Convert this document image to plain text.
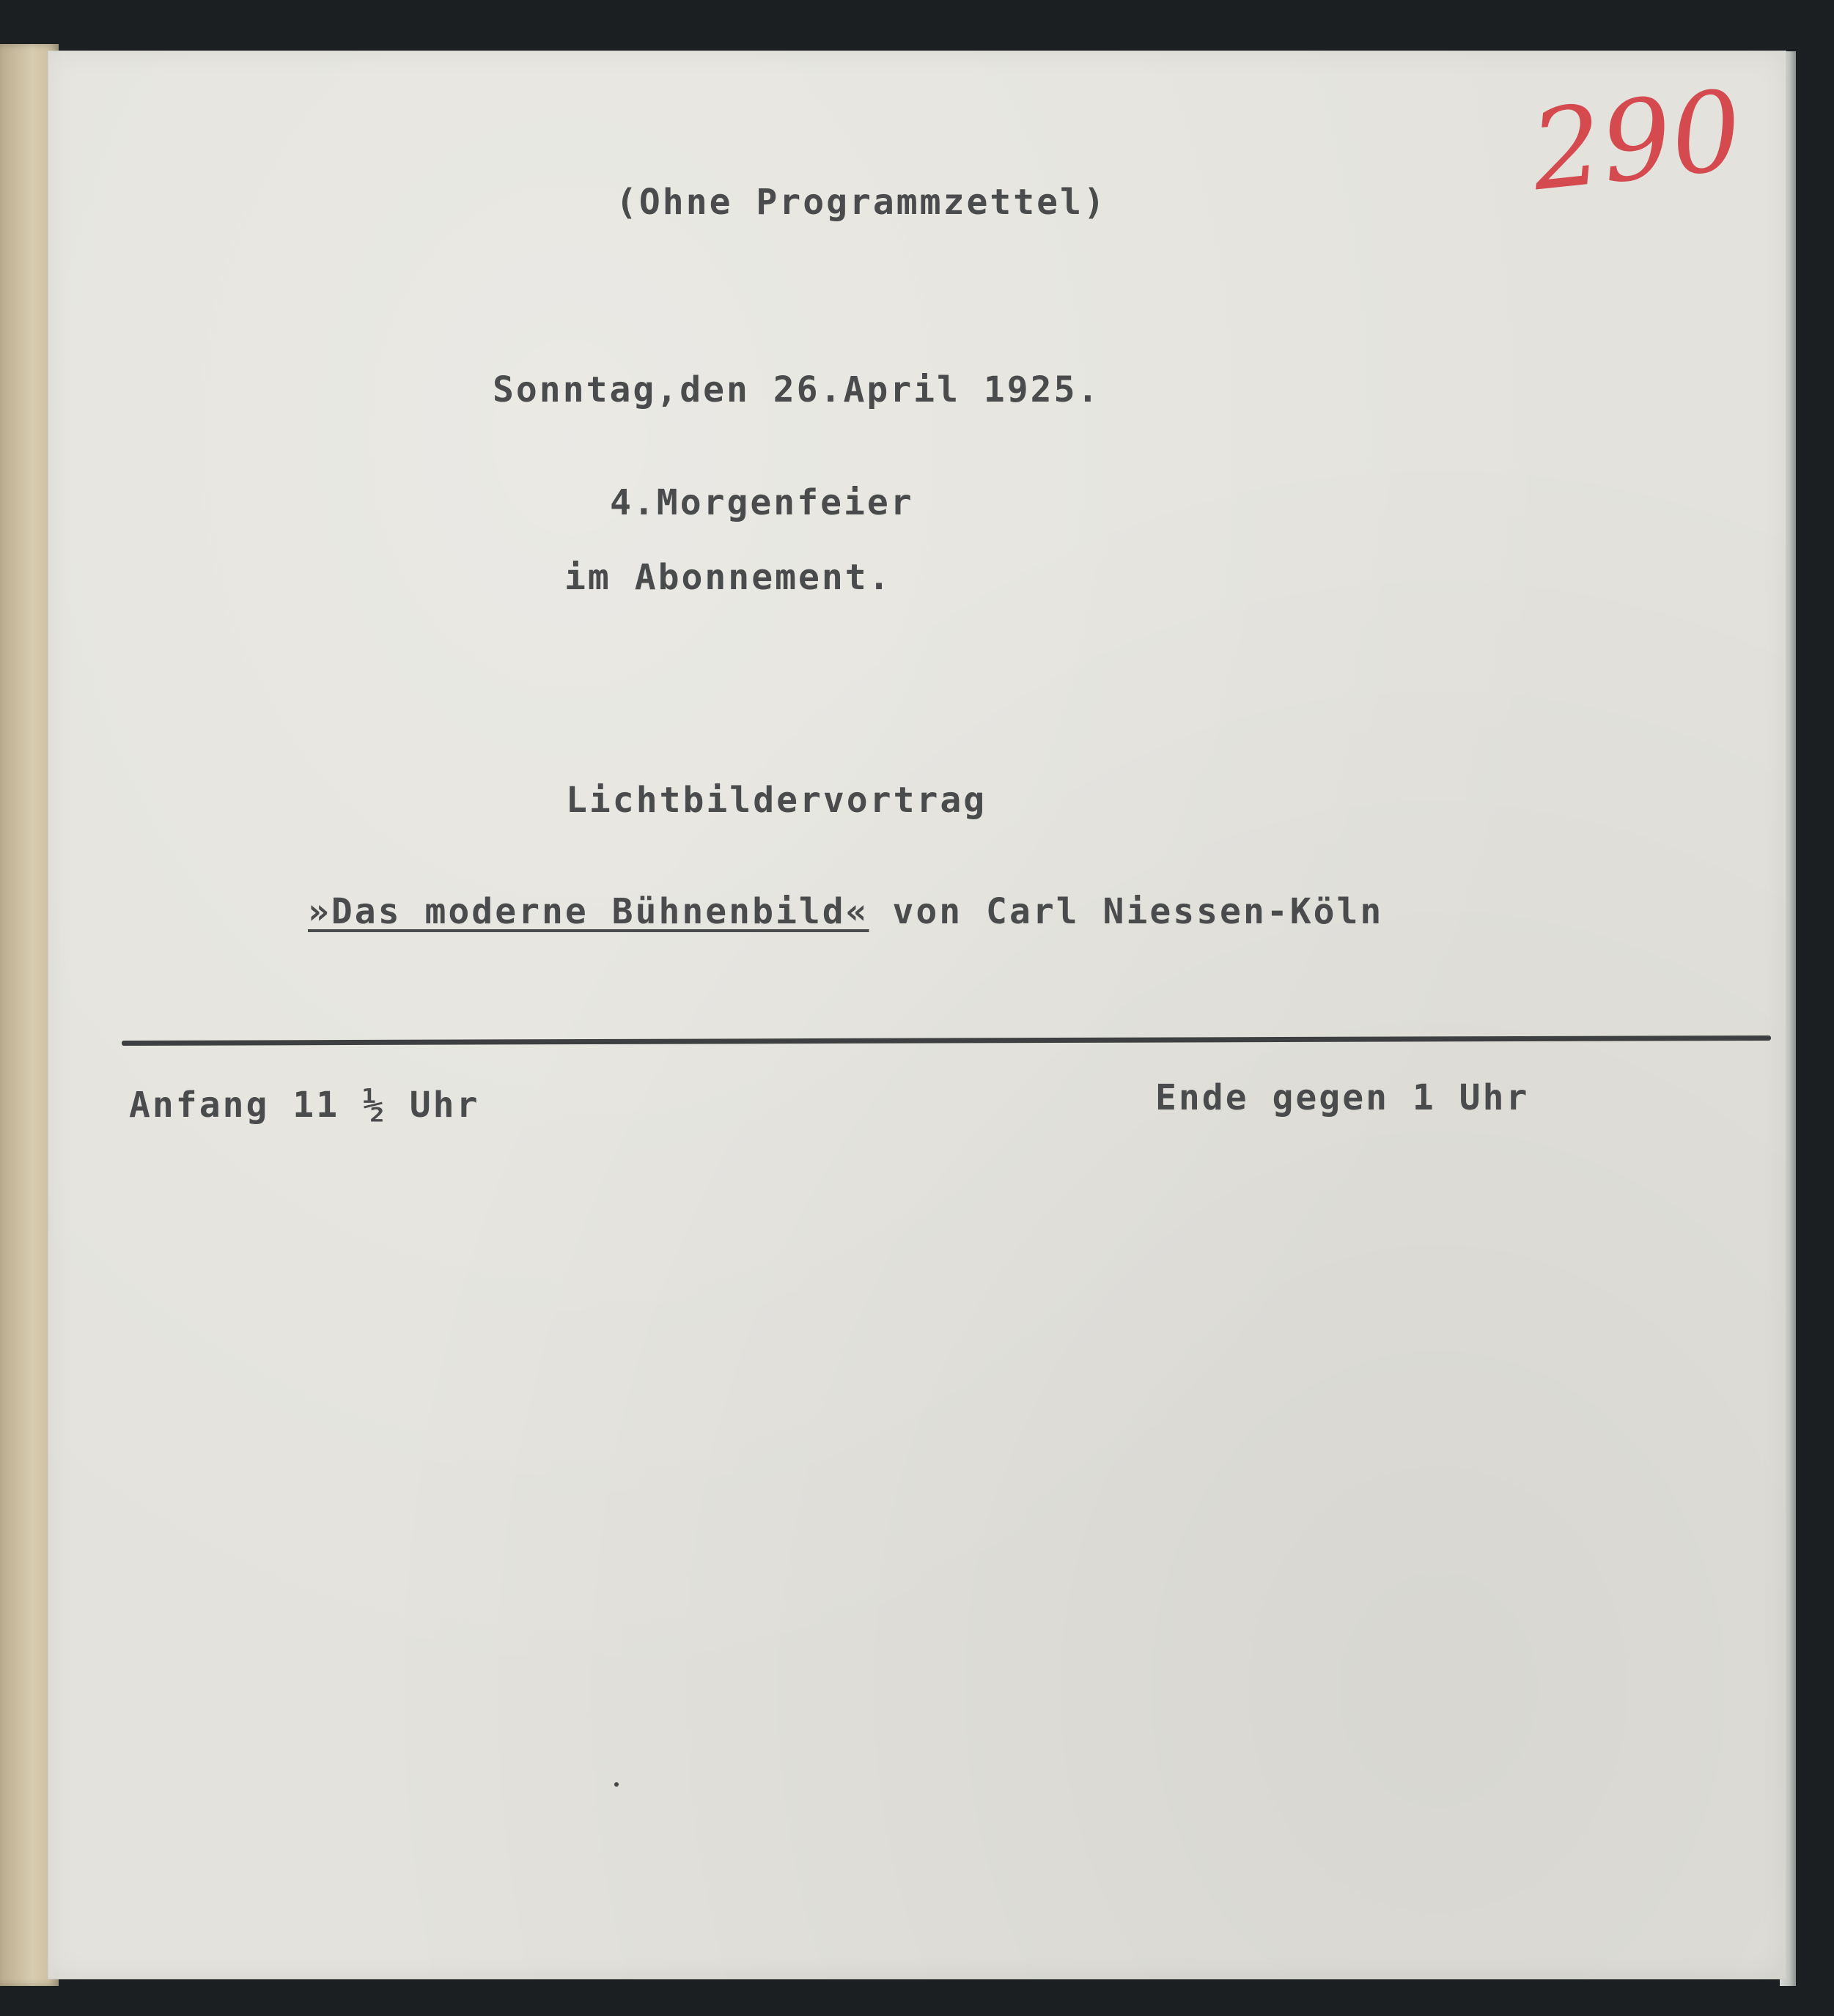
290

(Ohne Programmzettel)

Sonntag,den 26.April 1925.

4.Morgenfeier

im Abonnement.

Lichtbildervortrag

»Das moderne Bühnenbild« von Carl Niessen-Köln

Anfang 11 ½ Uhr	Ende gegen 1 Uhr
